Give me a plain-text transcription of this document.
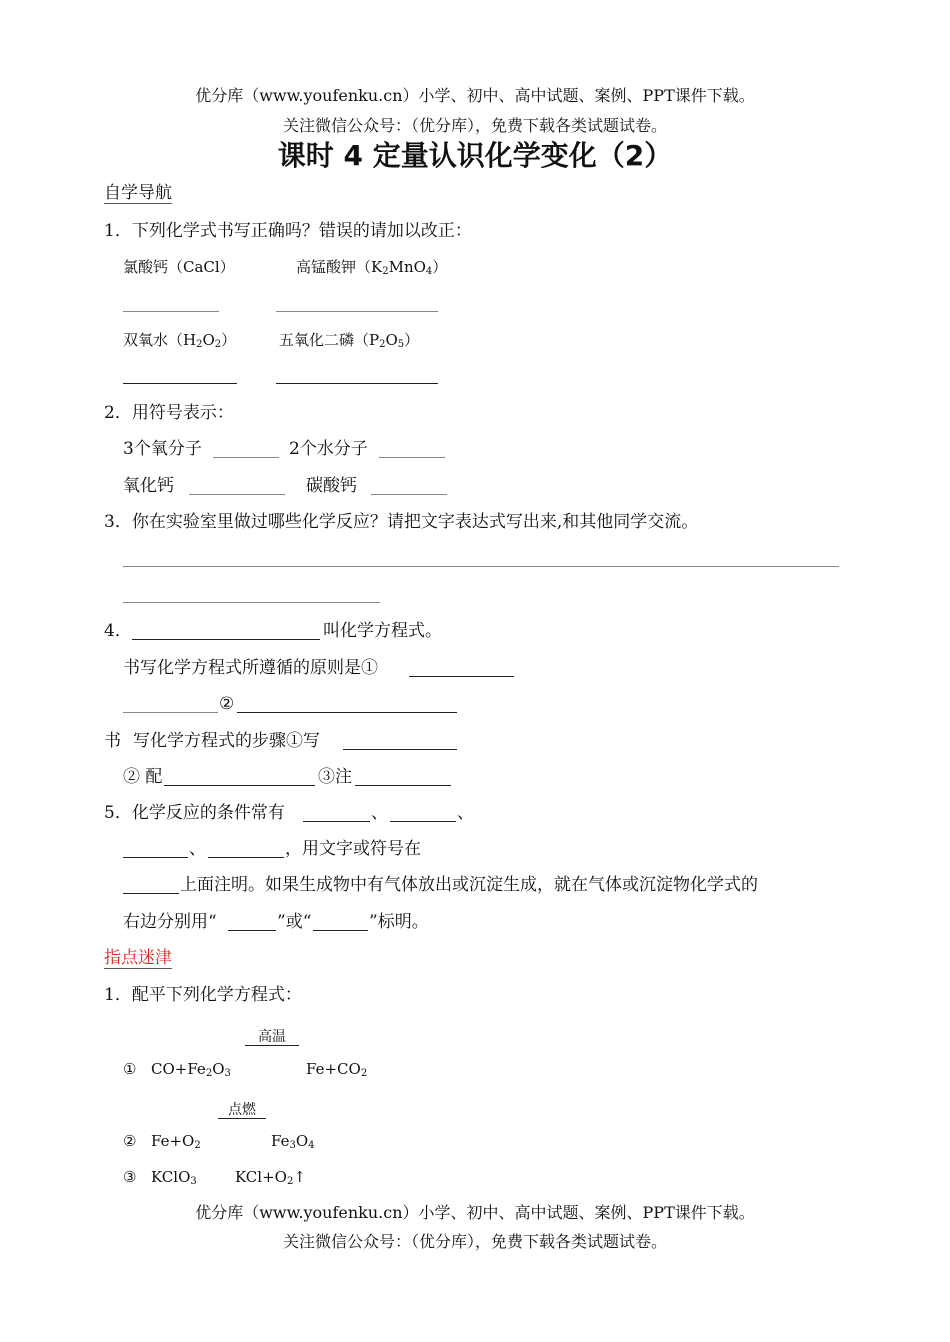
优分库（www.youfenku.cn）小学、初中、高中试题、案例、PPT课件下载。
关注微信公众号：（优分库），免费下载各类试题试卷。
课时 4 定量认识化学变化（2）
自学导航
1．下列化学式书写正确吗？错误的请加以改正：
氯酸钙（CaCl）	高锰酸钾$(K_2MnO_4)$
双氧水$(H_2O_2)$	五氧化二磷$(P_2O_5)$
2．用符号表示：
3个氧分子	2个水分子
氧化钙	碳酸钙
3．你在实验室里做过哪些化学反应？请把文字表达式写出来,和其他同学交流。
4．	叫化学方程式。
书写化学方程式所遵循的原则是①
②
书 写化学方程式的步骤①写
② 配	③注
5．化学反应的条件常有	、	、
、	，用文字或符号在
上面注明。如果生成物中有气体放出或沉淀生成，就在气体或沉淀物化学式的
右边分别用“	”或“	”标明。
指点迷津
1．配平下列化学方程式：
高温
① $CO+Fe_2O_3$	$Fe+CO_2$
点燃
② $Fe+O_2$	$Fe_3O_4$
③ KClO$_3$	$KCl+O_2↑$
优分库（www.youfenku.cn）小学、初中、高中试题、案例、PPT课件下载。
关注微信公众号：（优分库），免费下载各类试题试卷。
